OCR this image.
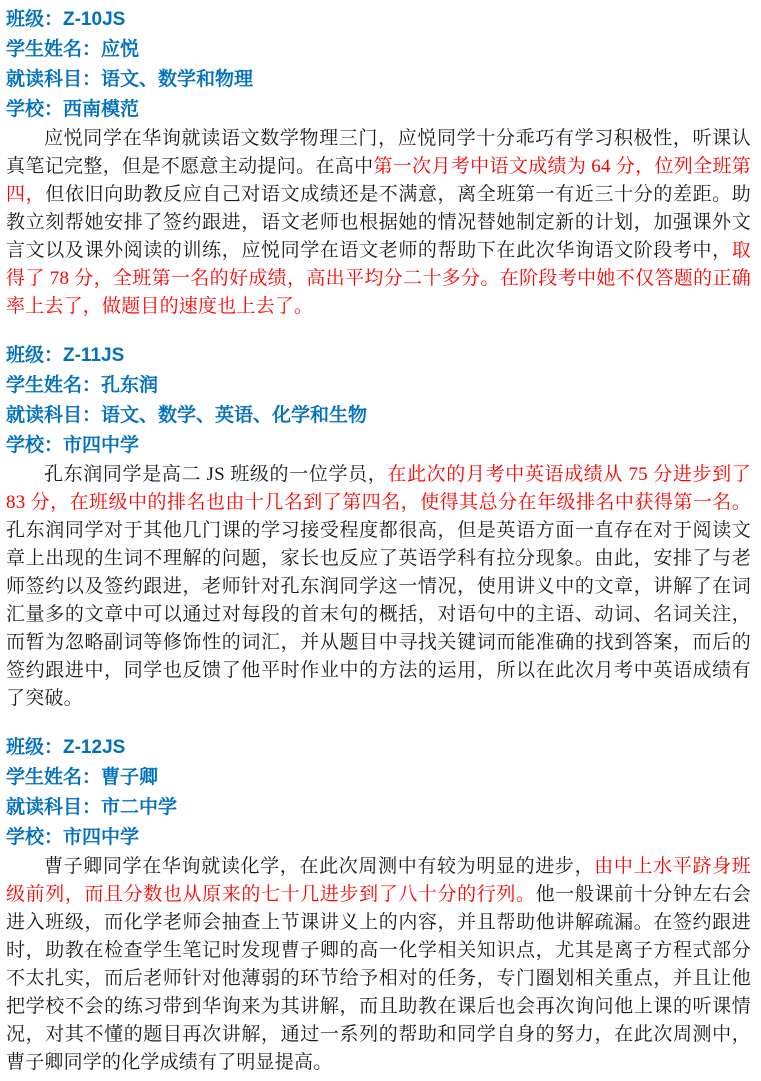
班级：Z-10JS

学生姓名：应悦

就读科目：语文、数学和物理

学校：西南模范

应悦同学在华询就读语文数学物理三门，应悦同学十分乖巧有学习积极性，听课认真笔记完整，但是不愿意主动提问。在高中第一次月考中语文成绩为 64 分，位列全班第四，但依旧向助教反应自己对语文成绩还是不满意，离全班第一有近三十分的差距。助教立刻帮她安排了签约跟进，语文老师也根据她的情况替她制定新的计划，加强课外文言文以及课外阅读的训练，应悦同学在语文老师的帮助下在此次华询语文阶段考中，取得了 78 分，全班第一名的好成绩，高出平均分二十多分。在阶段考中她不仅答题的正确率上去了，做题目的速度也上去了。

班级：Z-11JS

学生姓名：孔东润

就读科目：语文、数学、英语、化学和生物

学校：市四中学

孔东润同学是高二 JS 班级的一位学员，在此次的月考中英语成绩从 75 分进步到了 83 分，在班级中的排名也由十几名到了第四名，使得其总分在年级排名中获得第一名。孔东润同学对于其他几门课的学习接受程度都很高，但是英语方面一直存在对于阅读文章上出现的生词不理解的问题，家长也反应了英语学科有拉分现象。由此，安排了与老师签约以及签约跟进，老师针对孔东润同学这一情况，使用讲义中的文章，讲解了在词汇量多的文章中可以通过对每段的首末句的概括，对语句中的主语、动词、名词关注，而暂为忽略副词等修饰性的词汇，并从题目中寻找关键词而能准确的找到答案，而后的签约跟进中，同学也反馈了他平时作业中的方法的运用，所以在此次月考中英语成绩有了突破。

班级：Z-12JS

学生姓名：曹子卿

就读科目：市二中学

学校：市四中学

曹子卿同学在华询就读化学，在此次周测中有较为明显的进步，由中上水平跻身班级前列，而且分数也从原来的七十几进步到了八十分的行列。他一般课前十分钟左右会进入班级，而化学老师会抽查上节课讲义上的内容，并且帮助他讲解疏漏。在签约跟进时，助教在检查学生笔记时发现曹子卿的高一化学相关知识点，尤其是离子方程式部分不太扎实，而后老师针对他薄弱的环节给予相对的任务，专门圈划相关重点，并且让他把学校不会的练习带到华询来为其讲解，而且助教在课后也会再次询问他上课的听课情况，对其不懂的题目再次讲解，通过一系列的帮助和同学自身的努力，在此次周测中，曹子卿同学的化学成绩有了明显提高。
